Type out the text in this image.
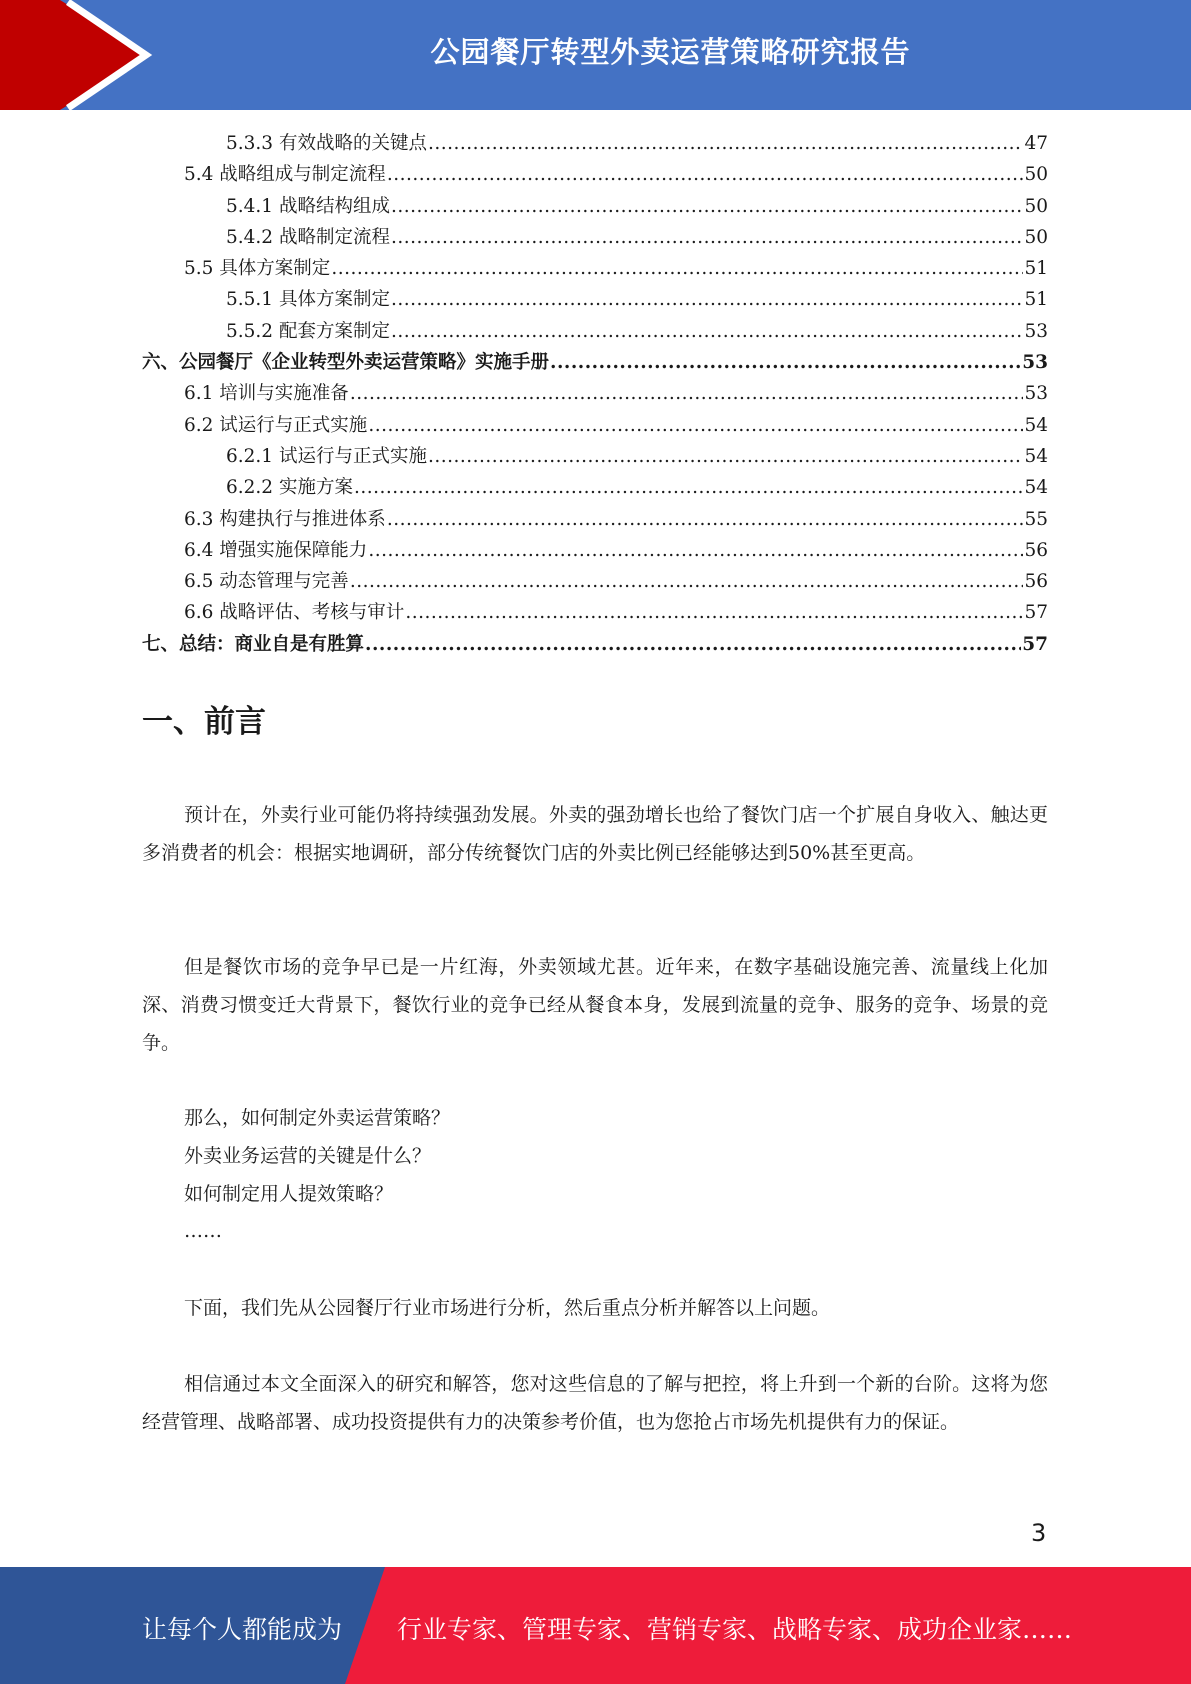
公园餐厅转型外卖运营策略研究报告
5.3.3 有效战略的关键点 .....	47
5.4 战略组成与制定流程 .....	50
5.4.1 战略结构组成 .....	50
5.4.2 战略制定流程 .....	50
5.5 具体方案制定 .....	51
5.5.1 具体方案制定 .....	51
5.5.2 配套方案制定 .....	53
六、公园餐厅《企业转型外卖运营策略》实施手册 .....	53
6.1 培训与实施准备 .....	53
6.2 试运行与正式实施 .....	54
6.2.1 试运行与正式实施 .....	54
6.2.2 实施方案 .....	54
6.3 构建执行与推进体系 .....	55
6.4 增强实施保障能力 .....	56
6.5 动态管理与完善 .....	56
6.6 战略评估、考核与审计 .....	57
七、总结：商业自是有胜算 .....	57
一、前言

预计在，外卖行业可能仍将持续强劲发展。外卖的强劲增长也给了餐饮门店一个扩展自身收入、触达更多消费者的机会：根据实地调研，部分传统餐饮门店的外卖比例已经能够达到50%甚至更高。

但是餐饮市场的竞争早已是一片红海，外卖领域尤甚。近年来，在数字基础设施完善、流量线上化加深、消费习惯变迁大背景下，餐饮行业的竞争已经从餐食本身，发展到流量的竞争、服务的竞争、场景的竞争。

那么，如何制定外卖运营策略？
外卖业务运营的关键是什么？
如何制定用人提效策略？
……

下面，我们先从公园餐厅行业市场进行分析，然后重点分析并解答以上问题。

相信通过本文全面深入的研究和解答，您对这些信息的了解与把控，将上升到一个新的台阶。这将为您经营管理、战略部署、成功投资提供有力的决策参考价值，也为您抢占市场先机提供有力的保证。

3
让每个人都能成为 行业专家、管理专家、营销专家、战略专家、成功企业家……
